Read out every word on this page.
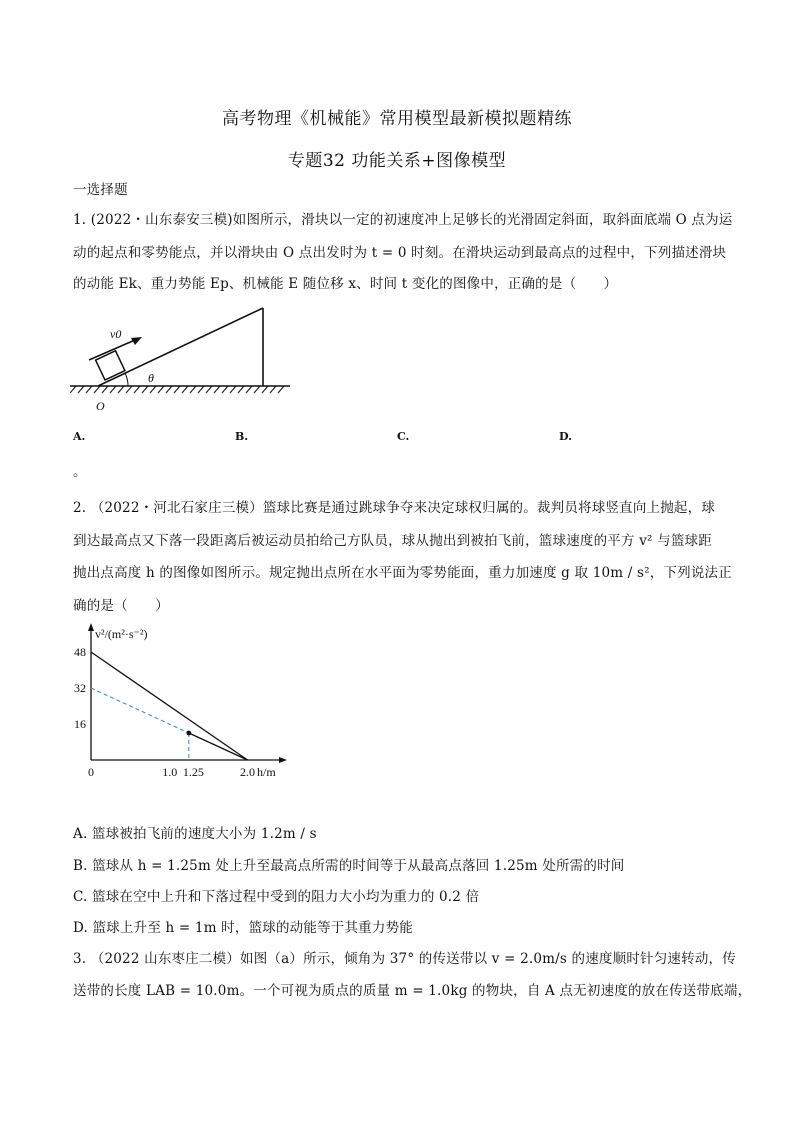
高考物理《机械能》常用模型最新模拟题精练
专题32 功能关系+图像模型
一选择题
1. (2022・山东泰安三模)如图所示，滑块以一定的初速度冲上足够长的光滑固定斜面，取斜面底端 O 点为运
动的起点和零势能点，并以滑块由 O 点出发时为 t = 0 时刻。在滑块运动到最高点的过程中，下列描述滑块
的动能 Ek、重力势能 Ep、机械能 E 随位移 x、时间 t 变化的图像中，正确的是（　　）
v0
θ
O
A.	B.	C.	D.
。
2. （2022・河北石家庄三模）篮球比赛是通过跳球争夺来决定球权归属的。裁判员将球竖直向上抛起，球
到达最高点又下落一段距离后被运动员拍给己方队员，球从抛出到被拍飞前，篮球速度的平方 v² 与篮球距
抛出点高度 h 的图像如图所示。规定抛出点所在水平面为零势能面，重力加速度 g 取 10m / s²，下列说法正
确的是（　　）
v²/(m²·s⁻²)
h/m
16
32
48
0	1.0 1.25	2.0
A. 篮球被拍飞前的速度大小为 1.2m / s
B. 篮球从 h = 1.25m 处上升至最高点所需的时间等于从最高点落回 1.25m 处所需的时间
C. 篮球在空中上升和下落过程中受到的阻力大小均为重力的 0.2 倍
D. 篮球上升至 h = 1m 时，篮球的动能等于其重力势能
3. （2022 山东枣庄二模）如图（a）所示，倾角为 37° 的传送带以 v = 2.0m/s 的速度顺时针匀速转动，传
送带的长度 LAB = 10.0m。一个可视为质点的质量 m = 1.0kg 的物块，自 A 点无初速度的放在传送带底端，
